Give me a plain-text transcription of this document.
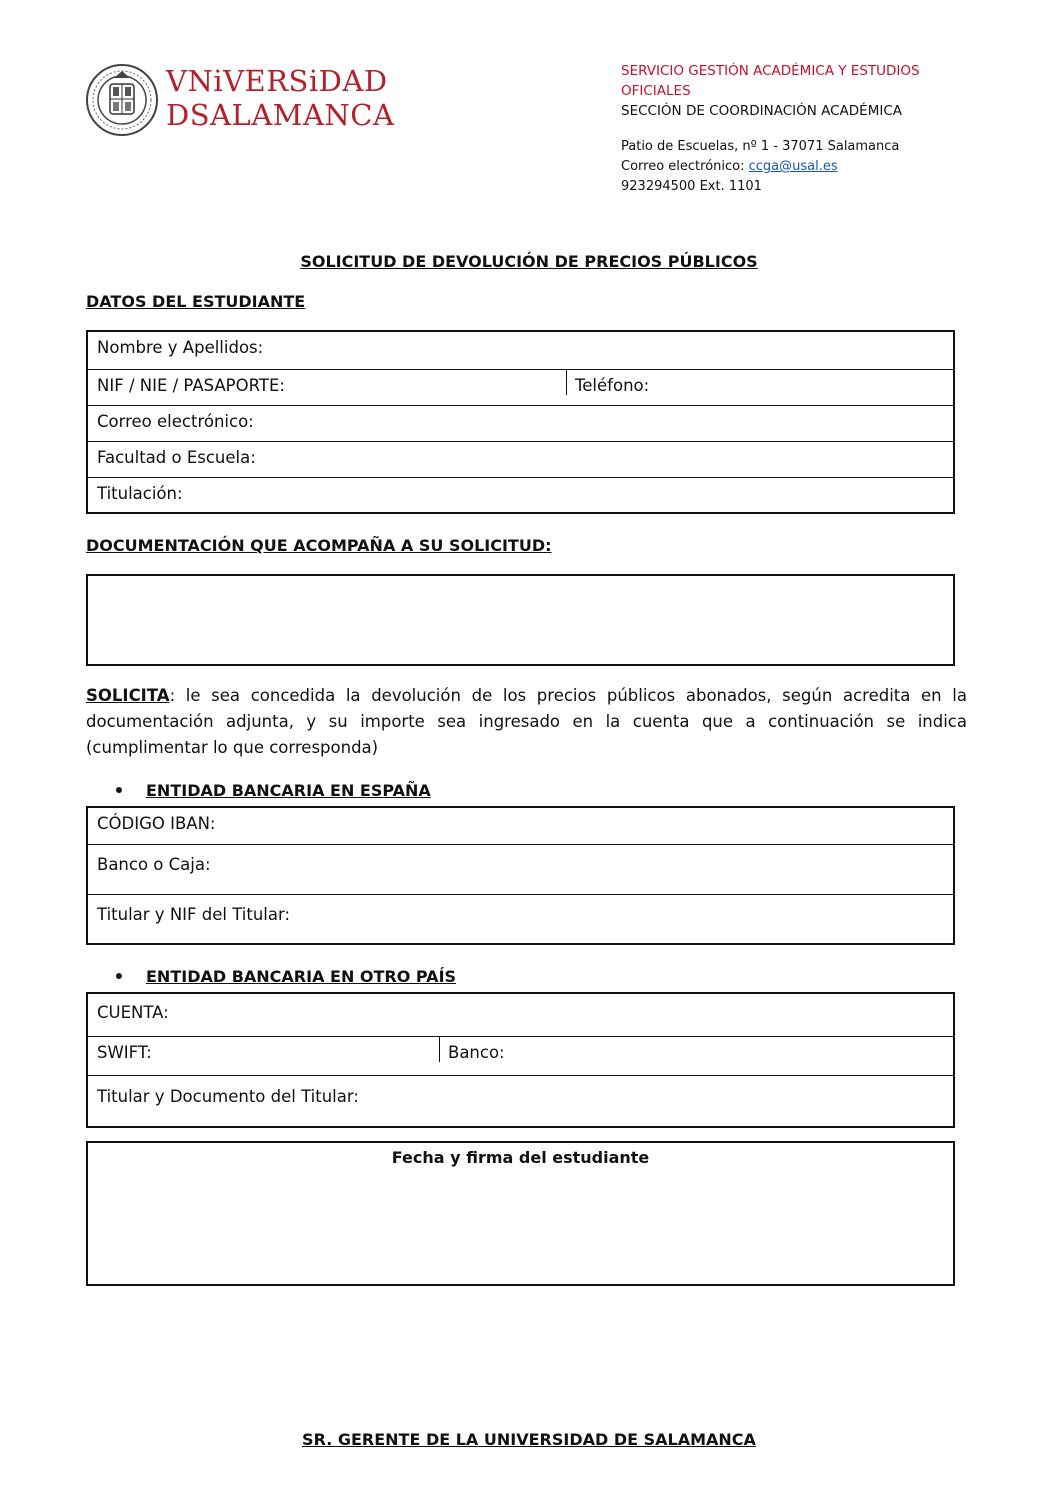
VNiVERSiDAD
DSALAMANCA
SERVICIO GESTIÓN ACADÉMICA Y ESTUDIOS
OFICIALES
SECCIÓN DE COORDINACIÓN ACADÉMICA
Patio de Escuelas, nº 1 - 37071 Salamanca
Correo electrónico: ccga@usal.es
923294500 Ext. 1101
SOLICITUD DE DEVOLUCIÓN DE PRECIOS PÚBLICOS
DATOS DEL ESTUDIANTE
Nombre y Apellidos:
NIF / NIE / PASAPORTE:	Teléfono:
Correo electrónico:
Facultad o Escuela:
Titulación:
DOCUMENTACIÓN QUE ACOMPAÑA A SU SOLICITUD:
SOLICITA: le sea concedida la devolución de los precios públicos abonados, según acredita en la documentación adjunta, y su importe sea ingresado en la cuenta que a continuación se indica (cumplimentar lo que corresponda)
ENTIDAD BANCARIA EN ESPAÑA
CÓDIGO IBAN:
Banco o Caja:
Titular y NIF del Titular:
ENTIDAD BANCARIA EN OTRO PAÍS
CUENTA:
SWIFT:	Banco:
Titular y Documento del Titular:
Fecha y firma del estudiante
SR. GERENTE DE LA UNIVERSIDAD DE SALAMANCA
